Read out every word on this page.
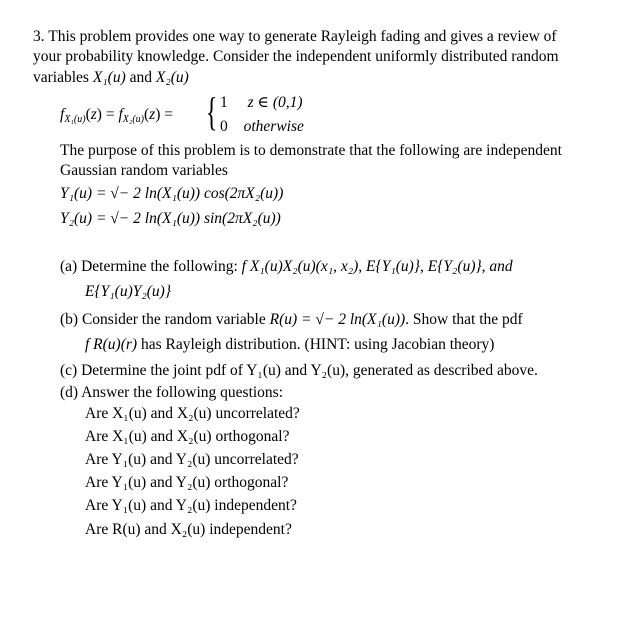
3. This problem provides one way to generate Rayleigh fading and gives a review of
your probability knowledge. Consider the independent uniformly distributed random
variables X₁(u) and X₂(u)
$f_{X_1(u)}(z) = f_{X_2(u)}(z)$ = { 1 z ∈ (0,1)
0 otherwise
The purpose of this problem is to demonstrate that the following are independent
Gaussian random variables
Y₁(u) = √− 2 ln(X₁(u)) cos(2πX₂(u))
Y₂(u) = √− 2 ln(X₁(u)) sin(2πX₂(u))
(a) Determine the following: f X₁(u)X₂(u)(x₁, x₂), E{Y₁(u)}, E{Y₂(u)}, and
E{Y₁(u)Y₂(u)}
(b) Consider the random variable R(u) = √− 2 ln(X₁(u)). Show that the pdf
f R(u)(r) has Rayleigh distribution. (HINT: using Jacobian theory)
(c) Determine the joint pdf of Y₁(u) and Y₂(u), generated as described above.
(d) Answer the following questions:
Are X₁(u) and X₂(u) uncorrelated?
Are X₁(u) and X₂(u) orthogonal?
Are Y₁(u) and Y₂(u) uncorrelated?
Are Y₁(u) and Y₂(u) orthogonal?
Are Y₁(u) and Y₂(u) independent?
Are R(u) and X₂(u) independent?
